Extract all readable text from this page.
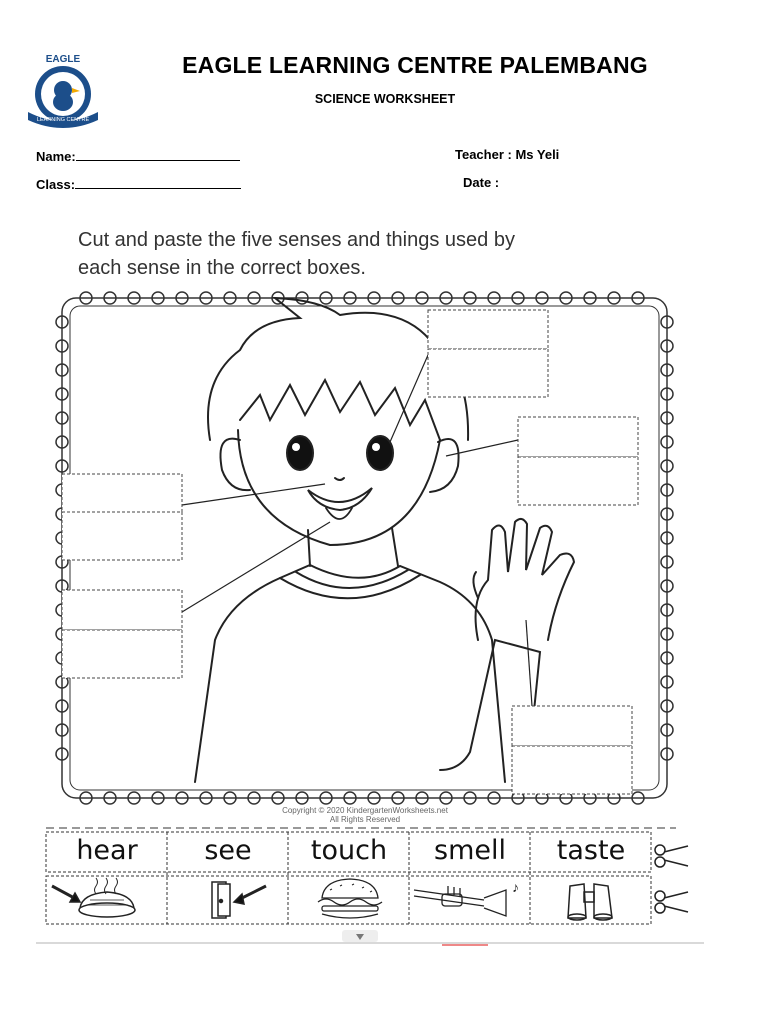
EAGLE
LEARNING CENTRE
EAGLE LEARNING CENTRE PALEMBANG
SCIENCE WORKSHEET
Name:
Class:
Teacher : Ms Yeli
Date :
Cut and paste the five senses and things used by
each sense in the correct boxes.
Copyright © 2020 KindergartenWorksheets.net
All Rights Reserved
♪
hear	see	touch	smell	taste
